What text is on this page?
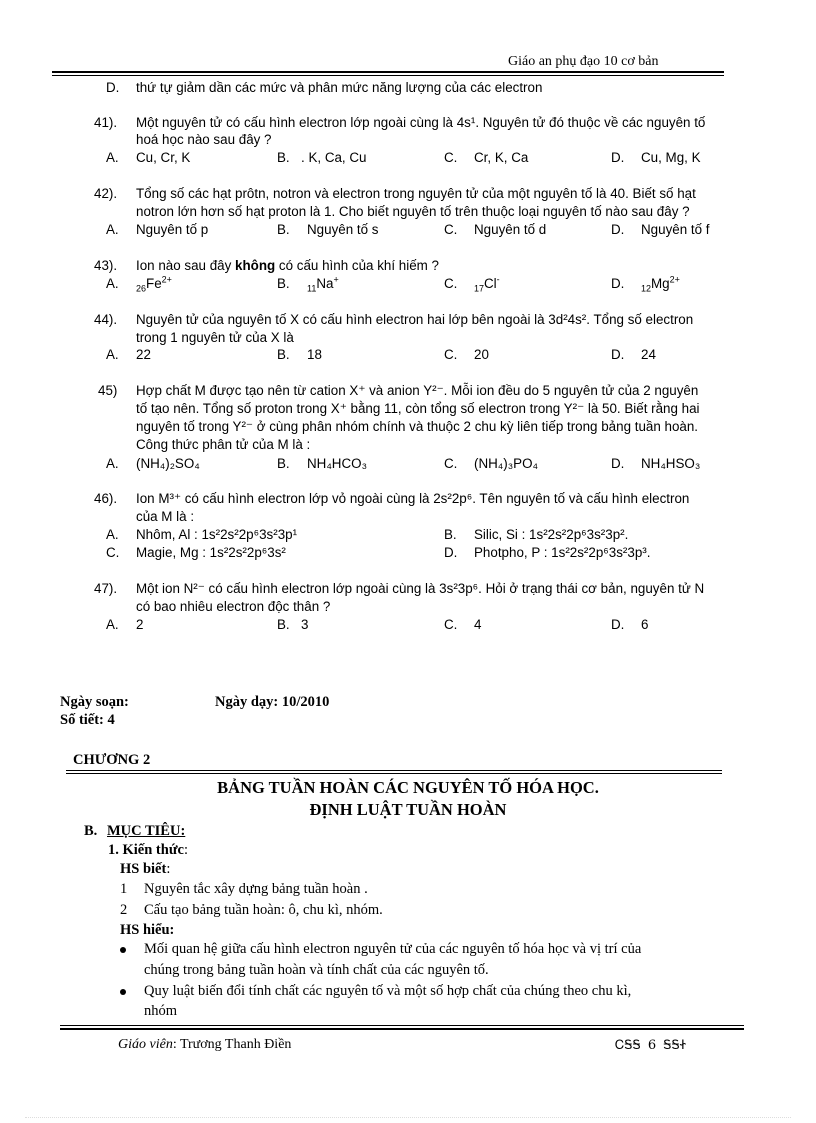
Giáo an phụ đạo 10 cơ bản
D. thứ tự giảm dần các mức và phân mức năng lượng của các electron
41). Một nguyên tử có cấu hình electron lớp ngoài cùng là 4s¹. Nguyên tử đó thuộc về các nguyên tố
hoá học nào sau đây ?
A. Cu, Cr, K	B. . K, Ca, Cu	C. Cr, K, Ca	D. Cu, Mg, K
42). Tổng số các hạt prôtn, notron và electron trong nguyên tử của một nguyên tố là 40. Biết số hạt
notron lớn hơn số hạt proton là 1. Cho biết nguyên tố trên thuộc loại nguyên tố nào sau đây ?
A. Nguyên tố p	B. Nguyên tố s	C. Nguyên tố d	D. Nguyên tố f
43). Ion nào sau đây không có cấu hình của khí hiếm ?
A. $_{26}Fe^{2+}$	B. $_{11}$Na+	C. $_{17}$Cl-	D. $_{12}Mg^{2+}$
44). Nguyên tử của nguyên tố X có cấu hình electron hai lớp bên ngoài là 3d²4s². Tổng số electron
trong 1 nguyên tử của X là
A. 22	B. 18	C. 20	D. 24
45) Hợp chất M được tạo nên từ cation X⁺ và anion Y²⁻. Mỗi ion đều do 5 nguyên tử của 2 nguyên
tố tạo nên. Tổng số proton trong X⁺ bằng 11, còn tổng số electron trong Y²⁻ là 50. Biết rằng hai
nguyên tố trong Y²⁻ ở cùng phân nhóm chính và thuộc 2 chu kỳ liên tiếp trong bảng tuần hoàn.
Công thức phân tử của M là :
A. (NH₄)₂SO₄	B. NH₄HCO₃	C. (NH₄)₃PO₄	D. NH₄HSO₃
46). Ion M³⁺ có cấu hình electron lớp vỏ ngoài cùng là 2s²2p⁶. Tên nguyên tố và cấu hình electron
của M là :
A. Nhôm, Al : 1s²2s²2p⁶3s²3p¹	B. Silic, Si : 1s²2s²2p⁶3s²3p².
C. Magie, Mg : 1s²2s²2p⁶3s²	D. Photpho, P : 1s²2s²2p⁶3s²3p³.
47). Một ion N²⁻ có cấu hình electron lớp ngoài cùng là 3s²3p⁶. Hỏi ở trạng thái cơ bản, nguyên tử N
có bao nhiêu electron độc thân ?
A. 2	B. 3	C. 4	D. 6
Ngày soạn:	Ngày dạy: 10/2010
Số tiết: 4
CHƯƠNG 2
BẢNG TUẦN HOÀN CÁC NGUYÊN TỐ HÓA HỌC.
ĐỊNH LUẬT TUẦN HOÀN
B. MỤC TIÊU:
1. Kiến thức:
HS biết:
1 Nguyên tắc xây dựng bảng tuần hoàn .
2 Cấu tạo bảng tuần hoàn: ô, chu kì, nhóm.
HS hiểu:
Mối quan hệ giữa cấu hình electron nguyên tử của các nguyên tố hóa học và vị trí của
chúng trong bảng tuần hoàn và tính chất của các nguyên tố.
Quy luật biến đổi tính chất các nguyên tố và một số hợp chất của chúng theo chu kì,
nhóm
Giáo viên: Trương Thanh Điền	ᏟᎦᎦ 6 ᎦᎦᏐ
